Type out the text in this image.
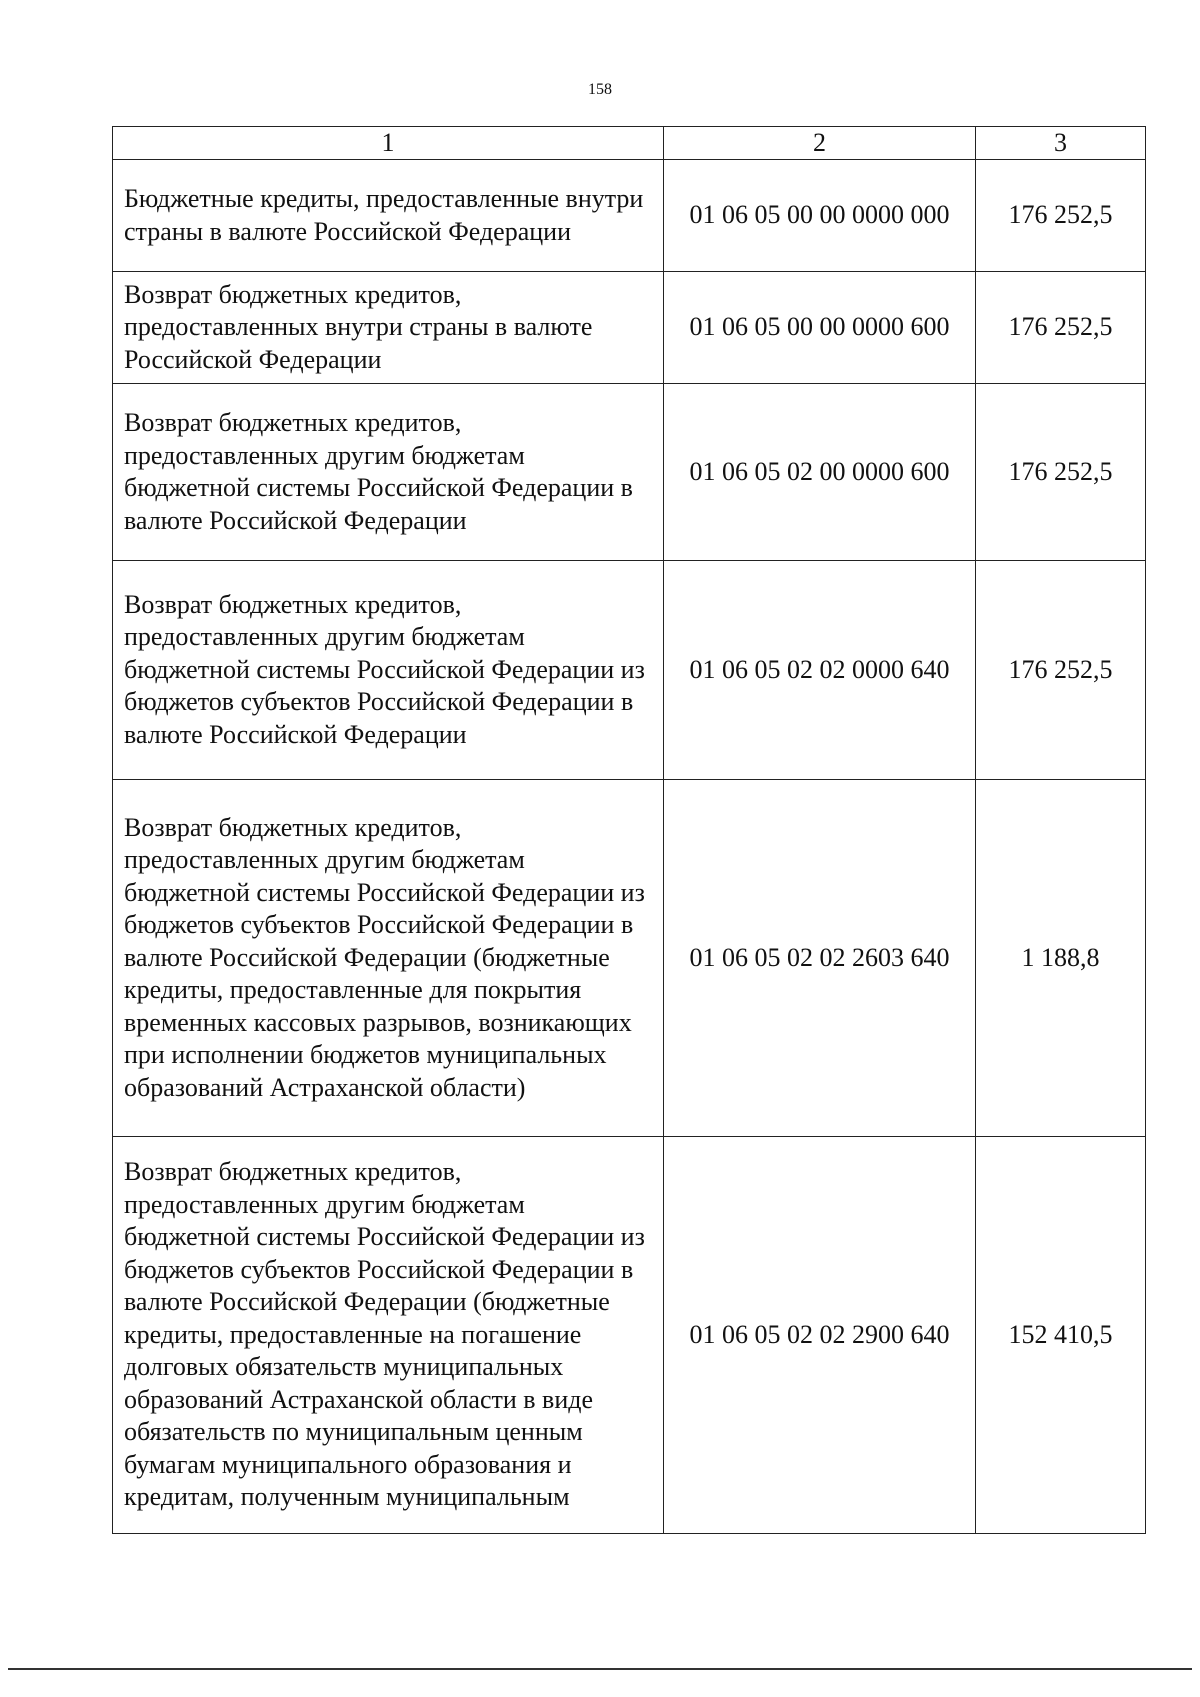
158
1	2	3

Бюджетные кредиты, предоставленные внутри страны в валюте Российской Федерации	01 06 05 00 00 0000 000	176 252,5

Возврат бюджетных кредитов, предоставленных внутри страны в валюте Российской Федерации	01 06 05 00 00 0000 600	176 252,5

Возврат бюджетных кредитов, предоставленных другим бюджетам бюджетной системы Российской Федерации в валюте Российской Федерации	01 06 05 02 00 0000 600	176 252,5

Возврат бюджетных кредитов, предоставленных другим бюджетам бюджетной системы Российской Федерации из бюджетов субъектов Российской Федерации в валюте Российской Федерации	01 06 05 02 02 0000 640	176 252,5

Возврат бюджетных кредитов, предоставленных другим бюджетам бюджетной системы Российской Федерации из бюджетов субъектов Российской Федерации в валюте Российской Федерации (бюджетные кредиты, предоставленные для покрытия временных кассовых разрывов, возникающих при исполнении бюджетов муниципальных образований Астраханской области)	01 06 05 02 02 2603 640	1 188,8

Возврат бюджетных кредитов, предоставленных другим бюджетам бюджетной системы Российской Федерации из бюджетов субъектов Российской Федерации в валюте Российской Федерации (бюджетные кредиты, предоставленные на погашение долговых обязательств муниципальных образований Астраханской области в виде обязательств по муниципальным ценным бумагам муниципального образования и кредитам, полученным муниципальным	01 06 05 02 02 2900 640	152 410,5
